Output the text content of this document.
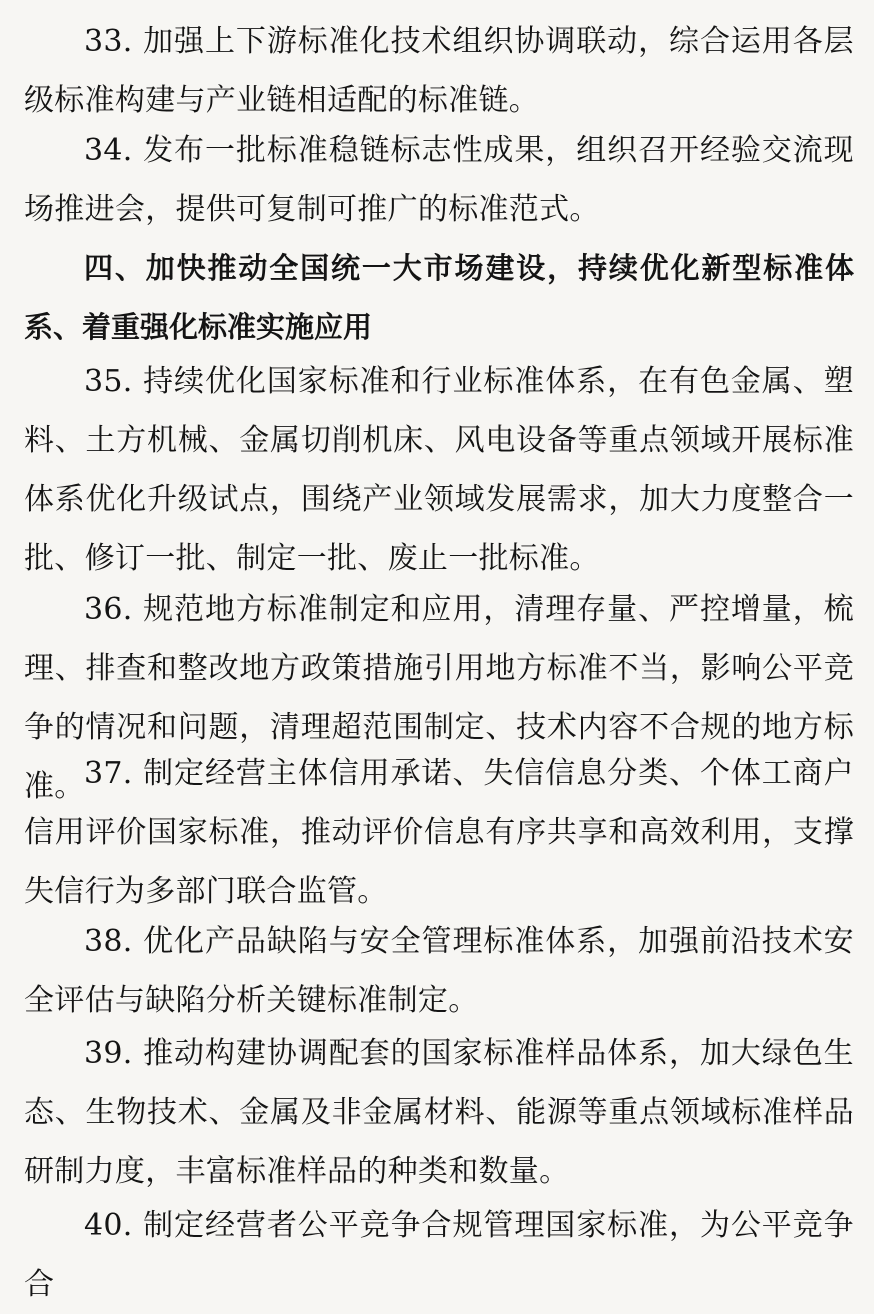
33. 加强上下游标准化技术组织协调联动，综合运用各层级标准构建与产业链相适配的标准链。

34. 发布一批标准稳链标志性成果，组织召开经验交流现场推进会，提供可复制可推广的标准范式。

四、加快推动全国统一大市场建设，持续优化新型标准体系、着重强化标准实施应用

35. 持续优化国家标准和行业标准体系，在有色金属、塑料、土方机械、金属切削机床、风电设备等重点领域开展标准体系优化升级试点，围绕产业领域发展需求，加大力度整合一批、修订一批、制定一批、废止一批标准。

36. 规范地方标准制定和应用，清理存量、严控增量，梳理、排查和整改地方政策措施引用地方标准不当，影响公平竞争的情况和问题，清理超范围制定、技术内容不合规的地方标准。 37. 制定经营主体信用承诺、失信信息分类、个体工商户信用评价国家标准，推动评价信息有序共享和高效利用，支撑失信行为多部门联合监管。

38. 优化产品缺陷与安全管理标准体系，加强前沿技术安全评估与缺陷分析关键标准制定。

39. 推动构建协调配套的国家标准样品体系，加大绿色生态、生物技术、金属及非金属材料、能源等重点领域标准样品研制力度，丰富标准样品的种类和数量。

40. 制定经营者公平竞争合规管理国家标准，为公平竞争合
